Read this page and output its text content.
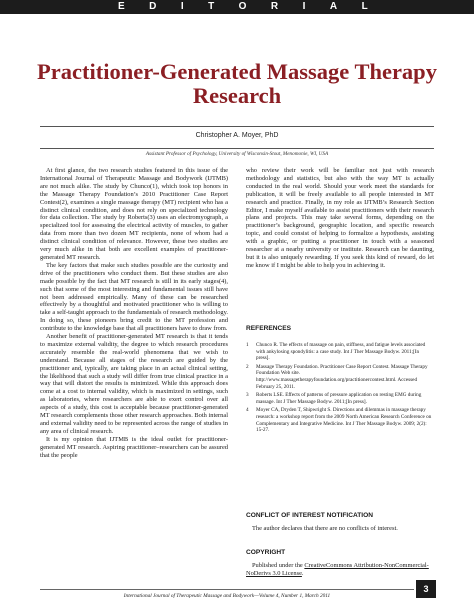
EDITORIAL
Practitioner-Generated Massage Therapy Research
Christopher A. Moyer, PhD
Assistant Professor of Psychology, University of Wisconsin-Stout, Menomonie, WI, USA

At first glance, the two research studies featured in this issue of the International Journal of Therapeutic Massage and Bodywork (IJTMB) are not much alike. The study by Chunco(1), which took top honors in the Massage Therapy Foundation’s 2010 Practitioner Case Report Contest(2), examines a single massage therapy (MT) recipient who has a distinct clinical condition, and does not rely on specialized technology for data collection. The study by Roberts(3) uses an electromyograph, a specialized tool for assessing the electrical activity of muscles, to gather data from more than two dozen MT recipients, none of whom had a distinct clinical condition of relevance. However, these two studies are very much alike in that both are excellent examples of practitioner-generated MT research.

The key factors that make such studies possible are the curiosity and drive of the practitioners who conduct them. But these studies are also made possible by the fact that MT research is still in its early stages(4), such that some of the most interesting and fundamental issues still have not been addressed empirically. Many of these can be researched effectively by a thoughtful and motivated practitioner who is willing to take a self-taught approach to the fundamentals of research methodology. In doing so, these pioneers bring credit to the MT profession and contribute to the knowledge base that all practitioners have to draw from.

Another benefit of practitioner-generated MT research is that it tends to maximize external validity, the degree to which research procedures accurately resemble the real-world phenomena that we wish to understand. Because all stages of the research are guided by the practitioner and, typically, are taking place in an actual clinical setting, the likelihood that such a study will differ from true clinical practice in a way that will distort the results is minimized. While this approach does come at a cost to internal validity, which is maximized in settings, such as laboratories, where researchers are able to exert control over all aspects of a study, this cost is acceptable because practitioner-generated MT research complements those other research approaches. Both internal and external validity need to be represented across the range of studies in any area of clinical research.

It is my opinion that IJTMB is the ideal outlet for practitioner-generated MT research. Aspiring practitioner–researchers can be assured that the people

who review their work will be familiar not just with research methodology and statistics, but also with the way MT is actually conducted in the real world. Should your work meet the standards for publication, it will be freely available to all people interested in MT research and practice. Finally, in my role as IJTMB’s Research Section Editor, I make myself available to assist practitioners with their research plans and projects. This may take several forms, depending on the practitioner’s background, geographic location, and specific research topic, and could consist of helping to formalize a hypothesis, assisting with a graphic, or putting a practitioner in touch with a seasoned researcher at a nearby university or institute. Research can be daunting, but it is also uniquely rewarding. If you seek this kind of reward, do let me know if I might be able to help you in achieving it.

REFERENCES
1 Chunco R. The effects of massage on pain, stiffness, and fatigue levels associated with ankylosing spondylitis: a case study. Int J Ther Massage Bodyw. 2011;[In press].
2 Massage Therapy Foundation. Practitioner Case Report Contest. Massage Therapy Foundation Web site. http://www.massagetherapyfoundation.org/practitionercontest.html. Accessed February 25, 2011.
3 Roberts LSE. Effects of patterns of pressure application on resting EMG during massage. Int J Ther Massage Bodyw. 2011;[In press].
4 Moyer CA, Dryden T, Shipwright S. Directions and dilemmas in massage therapy research: a workshop report from the 2009 North American Research Conference on Complementary and Integrative Medicine. Int J Ther Massage Bodyw. 2009; 2(2): 15-27.
CONFLICT OF INTEREST NOTIFICATION

The author declares that there are no conflicts of interest.

COPYRIGHT

Published under the CreativeCommons Attribution-NonCommercial-NoDerivs 3.0 License.

International Journal of Therapeutic Massage and Bodywork—Volume 4, Number 1, March 2011
3
